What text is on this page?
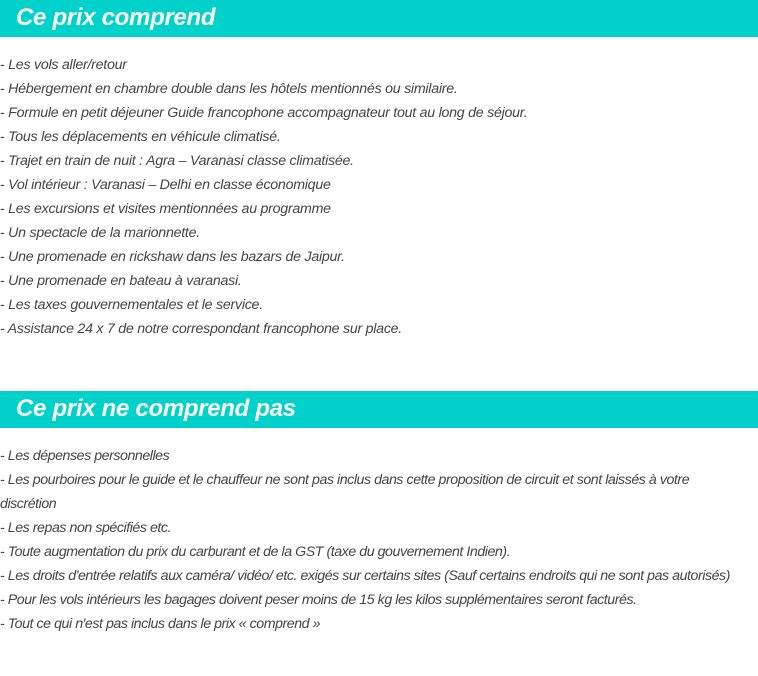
Ce prix comprend
- Les vols aller/retour
- Hébergement en chambre double dans les hôtels mentionnés ou similaire.
- Formule en petit déjeuner Guide francophone accompagnateur tout au long de séjour.
- Tous les déplacements en véhicule climatisé.
- Trajet en train de nuit : Agra – Varanasi classe climatisée.
- Vol intérieur : Varanasi – Delhi en classe économique
- Les excursions et visites mentionnées au programme
- Un spectacle de la marionnette.
- Une promenade en rickshaw dans les bazars de Jaipur.
- Une promenade en bateau à varanasi.
- Les taxes gouvernementales et le service.
- Assistance 24 x 7 de notre correspondant francophone sur place.
Ce prix ne comprend pas
- Les dépenses personnelles
- Les pourboires pour le guide et le chauffeur ne sont pas inclus dans cette proposition de circuit et sont laissés à votre discrétion
- Les repas non spécifiés etc.
- Toute augmentation du prix du carburant et de la GST (taxe du gouvernement Indien).
- Les droits d'entrée relatifs aux caméra/ vidéo/ etc. exigés sur certains sites (Sauf certains endroits qui ne sont pas autorisés)
- Pour les vols intérieurs les bagages doivent peser moins de 15 kg les kilos supplémentaires seront facturés.
- Tout ce qui n'est pas inclus dans le prix « comprend »
